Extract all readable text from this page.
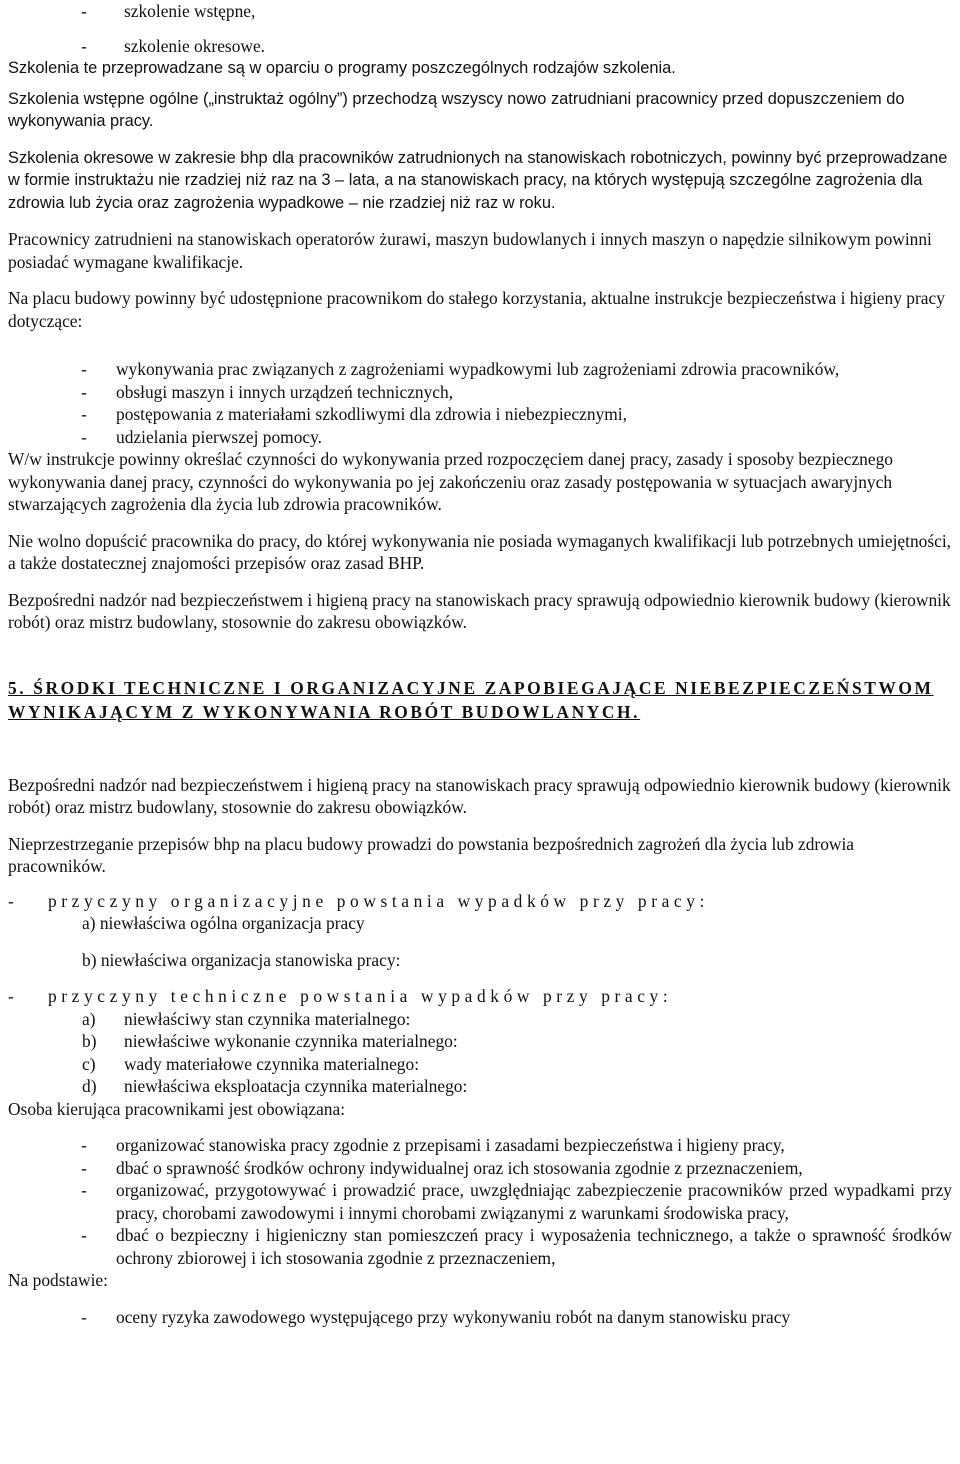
- szkolenie wstępne,
- szkolenie okresowe.

Szkolenia te przeprowadzane są w oparciu o programy poszczególnych rodzajów szkolenia.

Szkolenia wstępne ogólne („instruktaż ogólny”) przechodzą wszyscy nowo zatrudniani pracownicy przed dopuszczeniem do wykonywania pracy.

Szkolenia okresowe w zakresie bhp dla pracowników zatrudnionych na stanowiskach robotniczych, powinny być przeprowadzane w formie instruktażu nie rzadziej niż raz na 3 – lata, a na stanowiskach pracy, na których występują szczególne zagrożenia dla zdrowia lub życia oraz zagrożenia wypadkowe – nie rzadziej niż raz w roku.

Pracownicy zatrudnieni na stanowiskach operatorów żurawi, maszyn budowlanych i innych maszyn o napędzie silnikowym powinni posiadać wymagane kwalifikacje.

Na placu budowy powinny być udostępnione pracownikom do stałego korzystania, aktualne instrukcje bezpieczeństwa i higieny pracy dotyczące:

- wykonywania prac związanych z zagrożeniami wypadkowymi lub zagrożeniami zdrowia pracowników,
- obsługi maszyn i innych urządzeń technicznych,
- postępowania z materiałami szkodliwymi dla zdrowia i niebezpiecznymi,
- udzielania pierwszej pomocy.

W/w instrukcje powinny określać czynności do wykonywania przed rozpoczęciem danej pracy, zasady i sposoby bezpiecznego wykonywania danej pracy, czynności do wykonywania po jej zakończeniu oraz zasady postępowania w sytuacjach awaryjnych stwarzających zagrożenia dla życia lub zdrowia pracowników.

Nie wolno dopuścić pracownika do pracy, do której wykonywania nie posiada wymaganych kwalifikacji lub potrzebnych umiejętności, a także dostatecznej znajomości przepisów oraz zasad BHP.

Bezpośredni nadzór nad bezpieczeństwem i higieną pracy na stanowiskach pracy sprawują odpowiednio kierownik budowy (kierownik robót) oraz mistrz budowlany, stosownie do zakresu obowiązków.

5. ŚRODKI TECHNICZNE I ORGANIZACYJNE ZAPOBIEGAJĄCE NIEBEZPIECZEŃSTWOM WYNIKAJĄCYM Z WYKONYWANIA ROBÓT BUDOWLANYCH.

Bezpośredni nadzór nad bezpieczeństwem i higieną pracy na stanowiskach pracy sprawują odpowiednio kierownik budowy (kierownik robót) oraz mistrz budowlany, stosownie do zakresu obowiązków.

Nieprzestrzeganie przepisów bhp na placu budowy prowadzi do powstania bezpośrednich zagrożeń dla życia lub zdrowia pracowników.

- przyczyny organizacyjne powstania wypadków przy pracy:
a) niewłaściwa ogólna organizacja pracy
b) niewłaściwa organizacja stanowiska pracy:
- przyczyny techniczne powstania wypadków przy pracy:
a) niewłaściwy stan czynnika materialnego:
b) niewłaściwe wykonanie czynnika materialnego:
c) wady materiałowe czynnika materialnego:
d) niewłaściwa eksploatacja czynnika materialnego:

Osoba kierująca pracownikami jest obowiązana:

- organizować stanowiska pracy zgodnie z przepisami i zasadami bezpieczeństwa i higieny pracy,
- dbać o sprawność środków ochrony indywidualnej oraz ich stosowania zgodnie z przeznaczeniem,
- organizować, przygotowywać i prowadzić prace, uwzględniając zabezpieczenie pracowników przed wypadkami przy pracy, chorobami zawodowymi i innymi chorobami związanymi z warunkami środowiska pracy,
- dbać o bezpieczny i higieniczny stan pomieszczeń pracy i wyposażenia technicznego, a także o sprawność środków ochrony zbiorowej i ich stosowania zgodnie z przeznaczeniem,

Na podstawie:

- oceny ryzyka zawodowego występującego przy wykonywaniu robót na danym stanowisku pracy
